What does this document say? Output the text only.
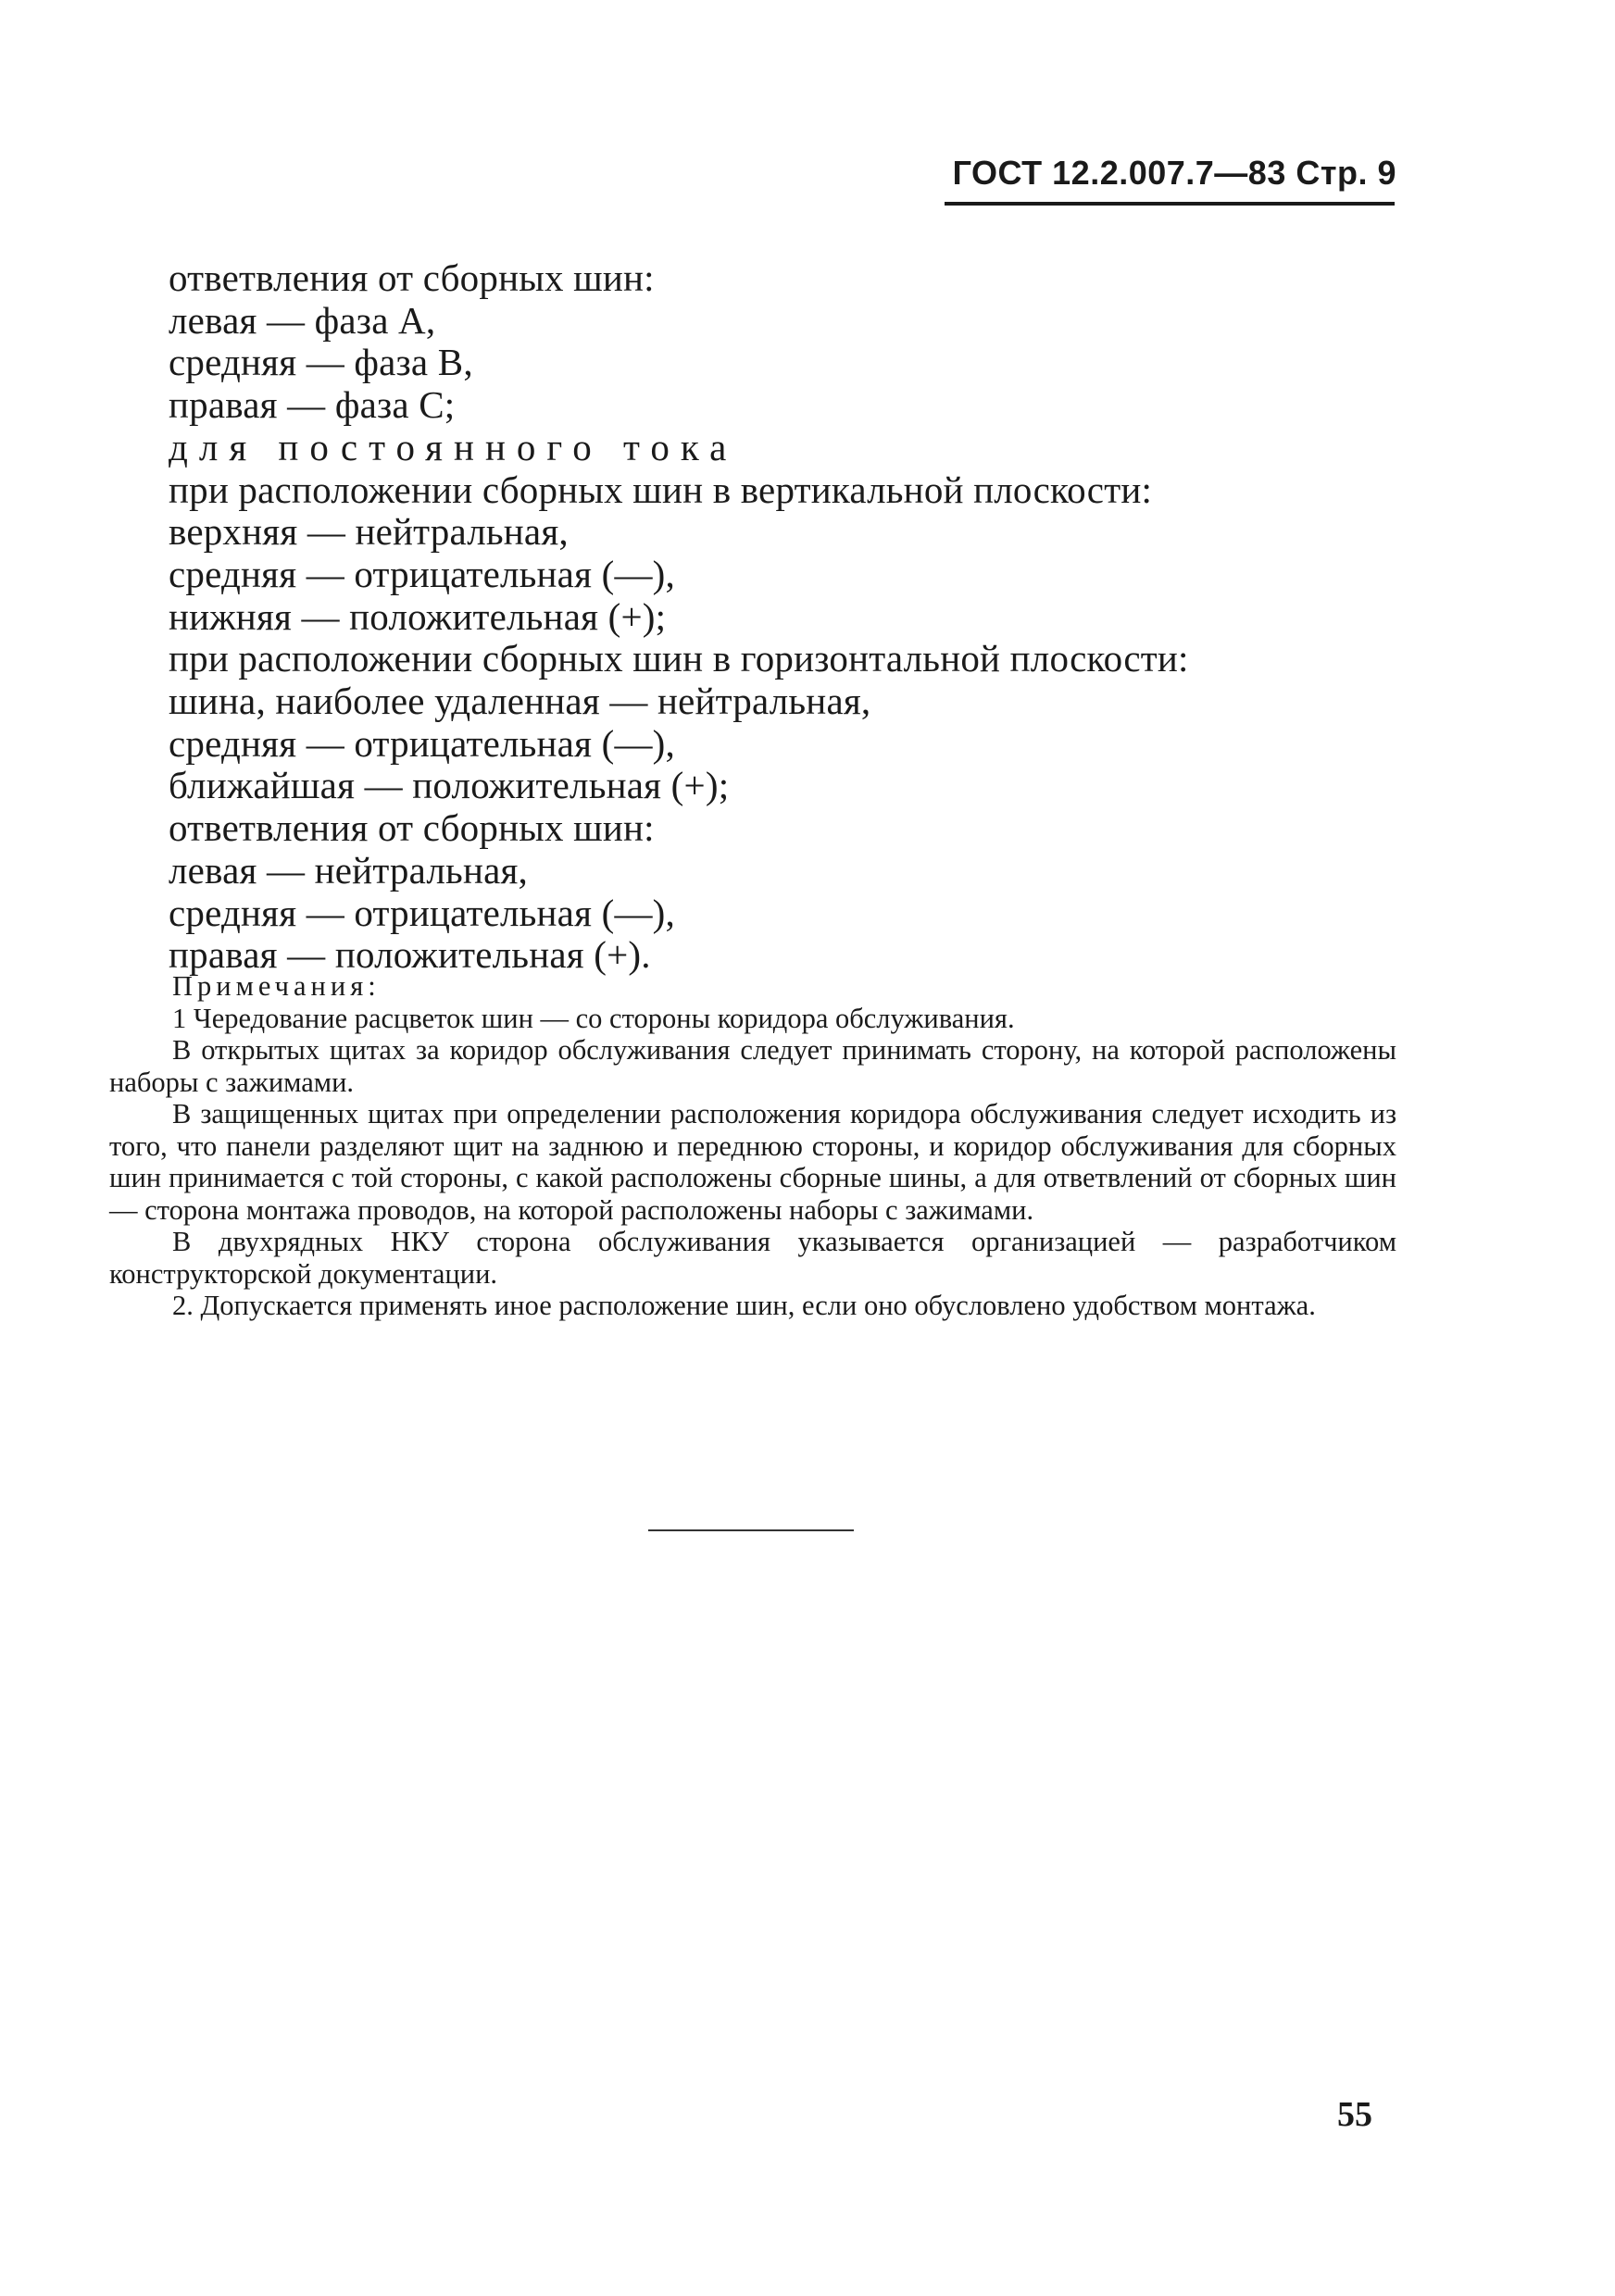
ГОСТ 12.2.007.7—83 Стр. 9
ответвления от сборных шин:
левая — фаза А,
средняя — фаза В,
правая — фаза С;
для постоянного тока
при расположении сборных шин в вертикальной плоскости:
верхняя — нейтральная,
средняя — отрицательная (—),
нижняя — положительная (+);
при расположении сборных шин в горизонтальной плоскости:
шина, наиболее удаленная — нейтральная,
средняя — отрицательная (—),
ближайшая — положительная (+);
ответвления от сборных шин:
левая — нейтральная,
средняя — отрицательная (—),
правая — положительная (+).
Примечания:

1 Чередование расцветок шин — со стороны коридора обслуживания.

В открытых щитах за коридор обслуживания следует принимать сторону, на которой расположены наборы с зажимами.

В защищенных щитах при определении расположения коридора обслуживания следует исходить из того, что панели разделяют щит на заднюю и переднюю стороны, и коридор обслуживания для сборных шин принимается с той стороны, с какой расположены сборные шины, а для ответвлений от сборных шин — сторона монтажа проводов, на которой расположены наборы с зажимами.

В двухрядных НКУ сторона обслуживания указывается организацией — разработчиком конструкторской документации.

2. Допускается применять иное расположение шин, если оно обусловлено удобством монтажа.

55
